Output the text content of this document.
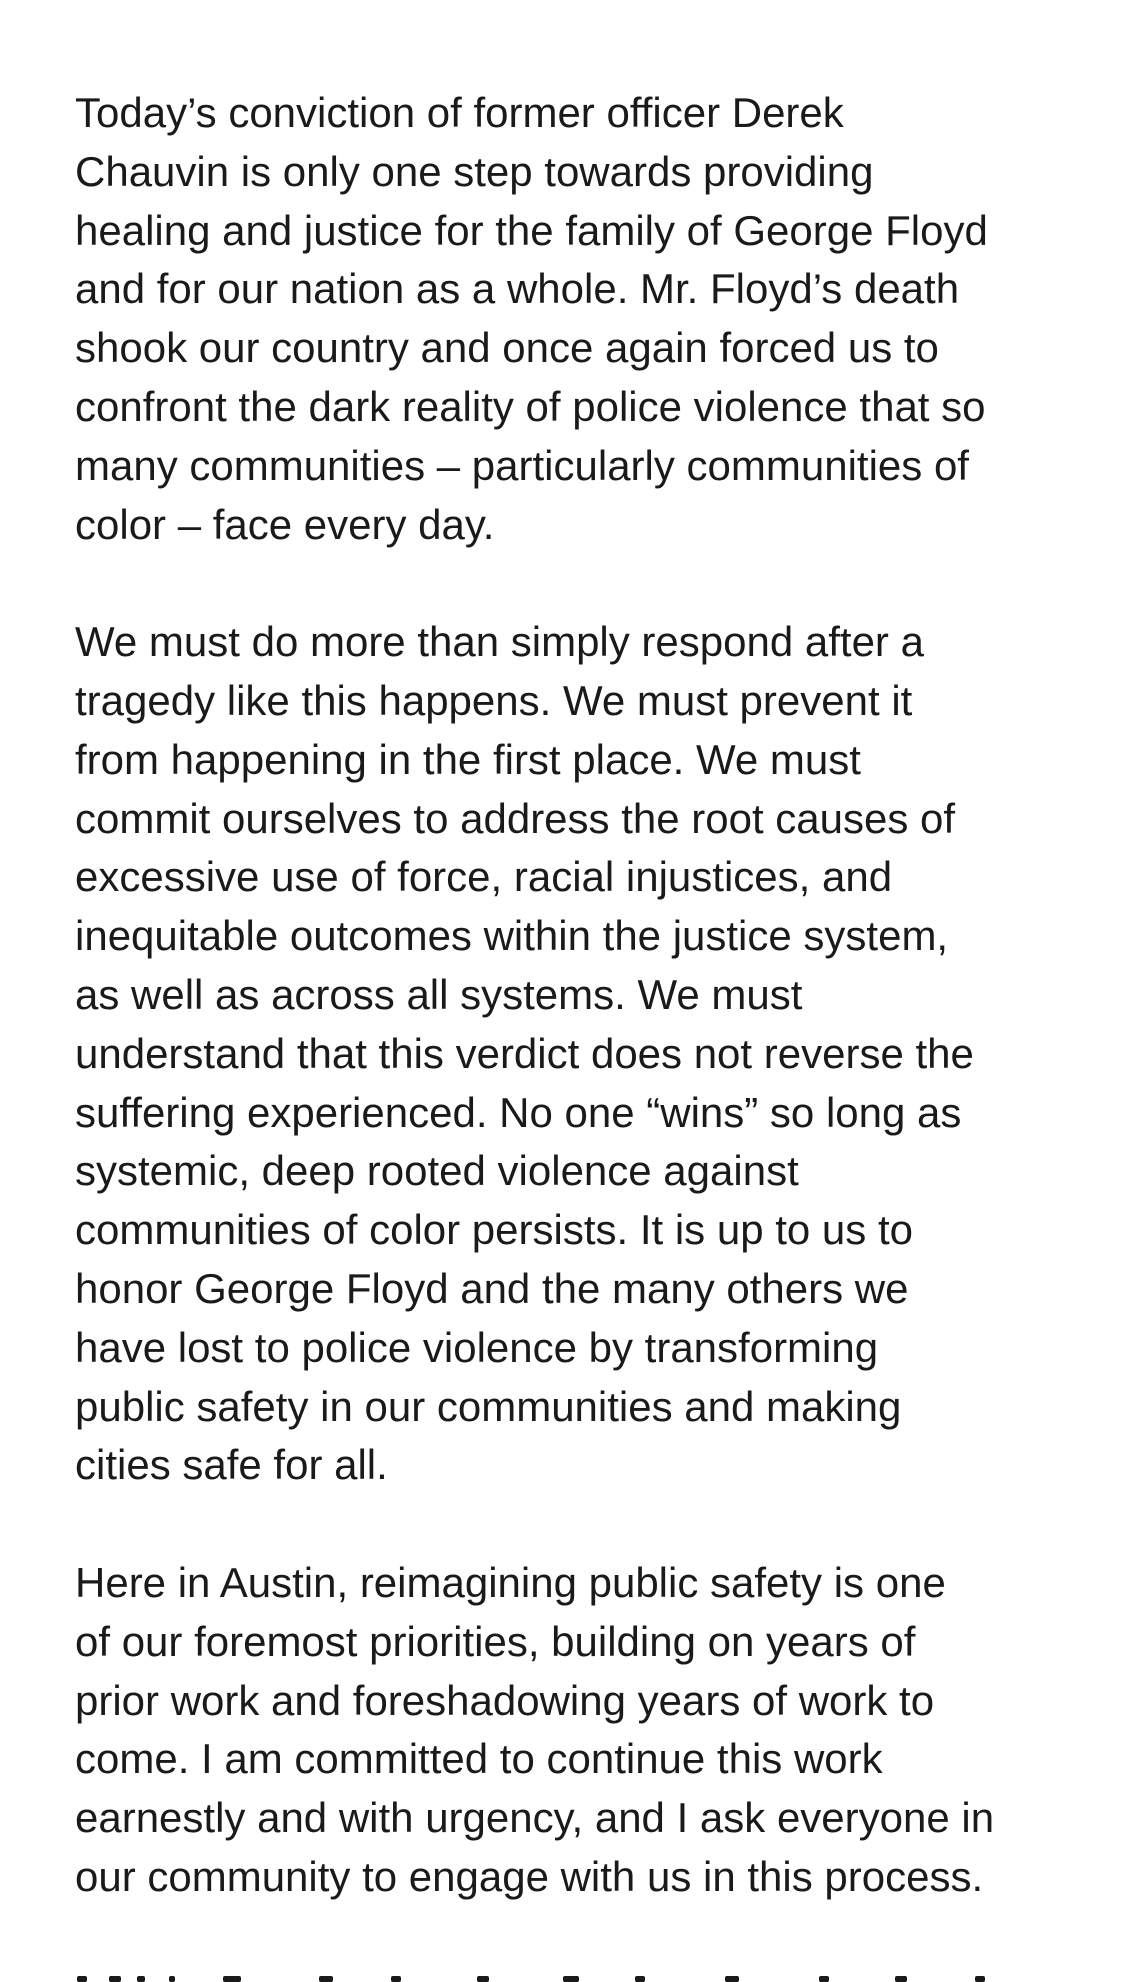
Today’s conviction of former officer Derek
Chauvin is only one step towards providing
healing and justice for the family of George Floyd
and for our nation as a whole. Mr. Floyd’s death
shook our country and once again forced us to
confront the dark reality of police violence that so
many communities – particularly communities of
color – face every day.

We must do more than simply respond after a
tragedy like this happens. We must prevent it
from happening in the first place. We must
commit ourselves to address the root causes of
excessive use of force, racial injustices, and
inequitable outcomes within the justice system,
as well as across all systems. We must
understand that this verdict does not reverse the
suffering experienced. No one “wins” so long as
systemic, deep rooted violence against
communities of color persists. It is up to us to
honor George Floyd and the many others we
have lost to police violence by transforming
public safety in our communities and making
cities safe for all.

Here in Austin, reimagining public safety is one
of our foremost priorities, building on years of
prior work and foreshadowing years of work to
come. I am committed to continue this work
earnestly and with urgency, and I ask everyone in
our community to engage with us in this process.
